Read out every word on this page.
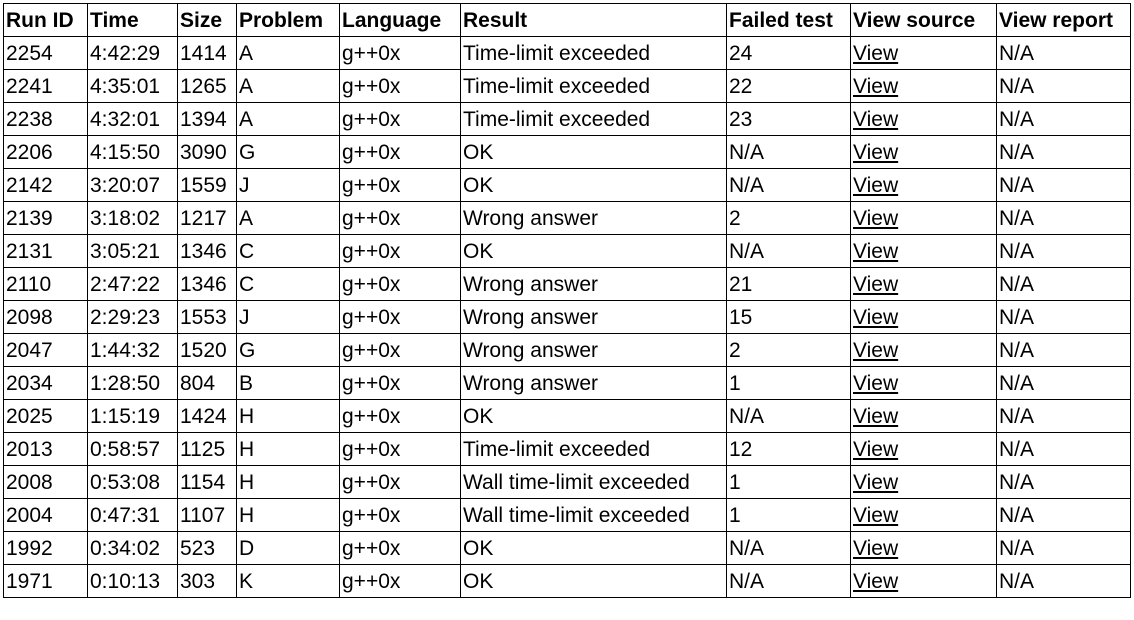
Run ID	Time	Size	Problem	Language	Result	Failed test	View source	View report
2254	4:42:29	1414	A	g++0x	Time-limit exceeded	24	View	N/A
2241	4:35:01	1265	A	g++0x	Time-limit exceeded	22	View	N/A
2238	4:32:01	1394	A	g++0x	Time-limit exceeded	23	View	N/A
2206	4:15:50	3090	G	g++0x	OK	N/A	View	N/A
2142	3:20:07	1559	J	g++0x	OK	N/A	View	N/A
2139	3:18:02	1217	A	g++0x	Wrong answer	2	View	N/A
2131	3:05:21	1346	C	g++0x	OK	N/A	View	N/A
2110	2:47:22	1346	C	g++0x	Wrong answer	21	View	N/A
2098	2:29:23	1553	J	g++0x	Wrong answer	15	View	N/A
2047	1:44:32	1520	G	g++0x	Wrong answer	2	View	N/A
2034	1:28:50	804	B	g++0x	Wrong answer	1	View	N/A
2025	1:15:19	1424	H	g++0x	OK	N/A	View	N/A
2013	0:58:57	1125	H	g++0x	Time-limit exceeded	12	View	N/A
2008	0:53:08	1154	H	g++0x	Wall time-limit exceeded	1	View	N/A
2004	0:47:31	1107	H	g++0x	Wall time-limit exceeded	1	View	N/A
1992	0:34:02	523	D	g++0x	OK	N/A	View	N/A
1971	0:10:13	303	K	g++0x	OK	N/A	View	N/A
